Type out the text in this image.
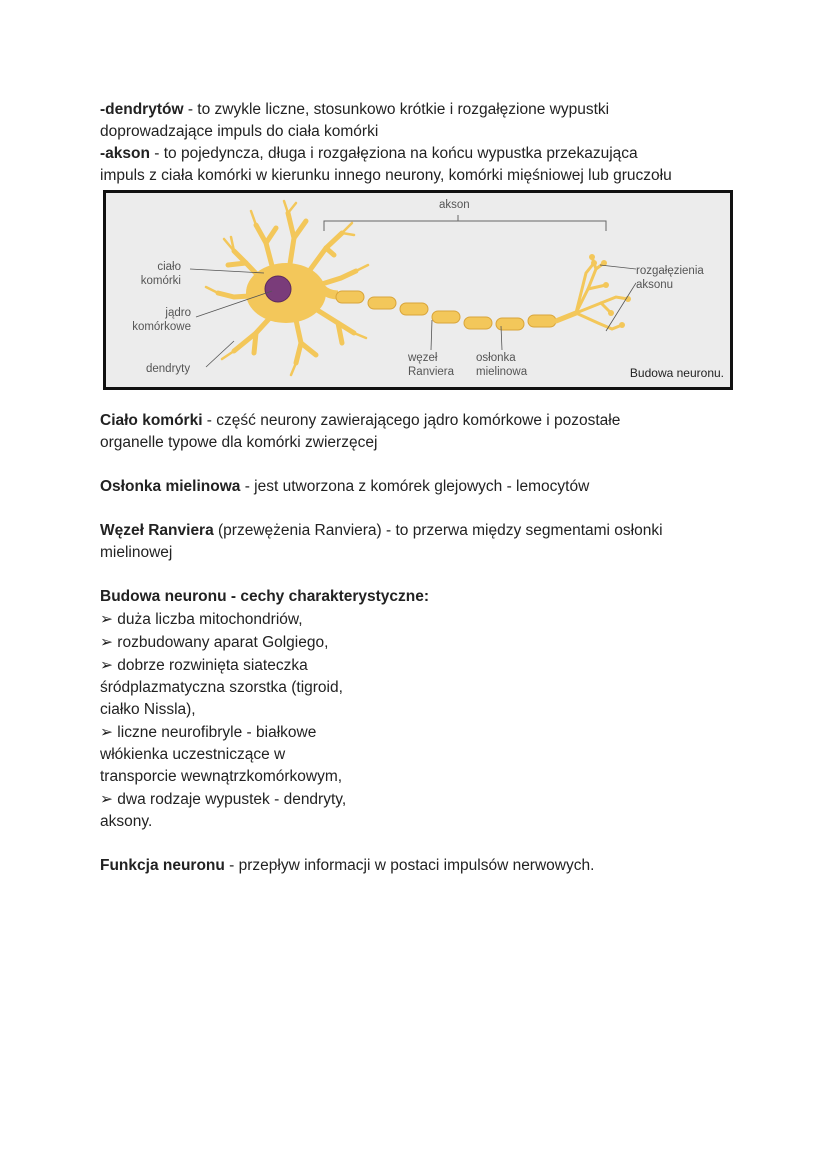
-dendrytów - to zwykle liczne, stosunkowo krótkie i rozgałęzione wypustki

doprowadzające impuls do ciała komórki

-akson - to pojedyncza, długa i rozgałęziona na końcu wypustka przekazująca

impuls z ciała komórki w kierunku innego neurony, komórki mięśniowej lub gruczołu

akson
ciało
komórki
jądro
komórkowe
dendryty
węzeł
Ranviera
osłonka
mielinowa
rozgałęzienia
aksonu
Budowa neuronu.

Ciało komórki - część neurony zawierającego jądro komórkowe i pozostałe

organelle typowe dla komórki zwierzęcej

Osłonka mielinowa - jest utworzona z komórek glejowych - lemocytów

Węzeł Ranviera (przewężenia Ranviera) - to przerwa między segmentami osłonki

mielinowej

Budowa neuronu - cechy charakterystyczne:

➢ duża liczba mitochondriów,

➢ rozbudowany aparat Golgiego,

➢ dobrze rozwinięta siateczka

śródplazmatyczna szorstka (tigroid,

ciałko Nissla),

➢ liczne neurofibryle - białkowe

włókienka uczestniczące w

transporcie wewnątrzkomórkowym,

➢ dwa rodzaje wypustek - dendryty,

aksony.

Funkcja neuronu - przepływ informacji w postaci impulsów nerwowych.
